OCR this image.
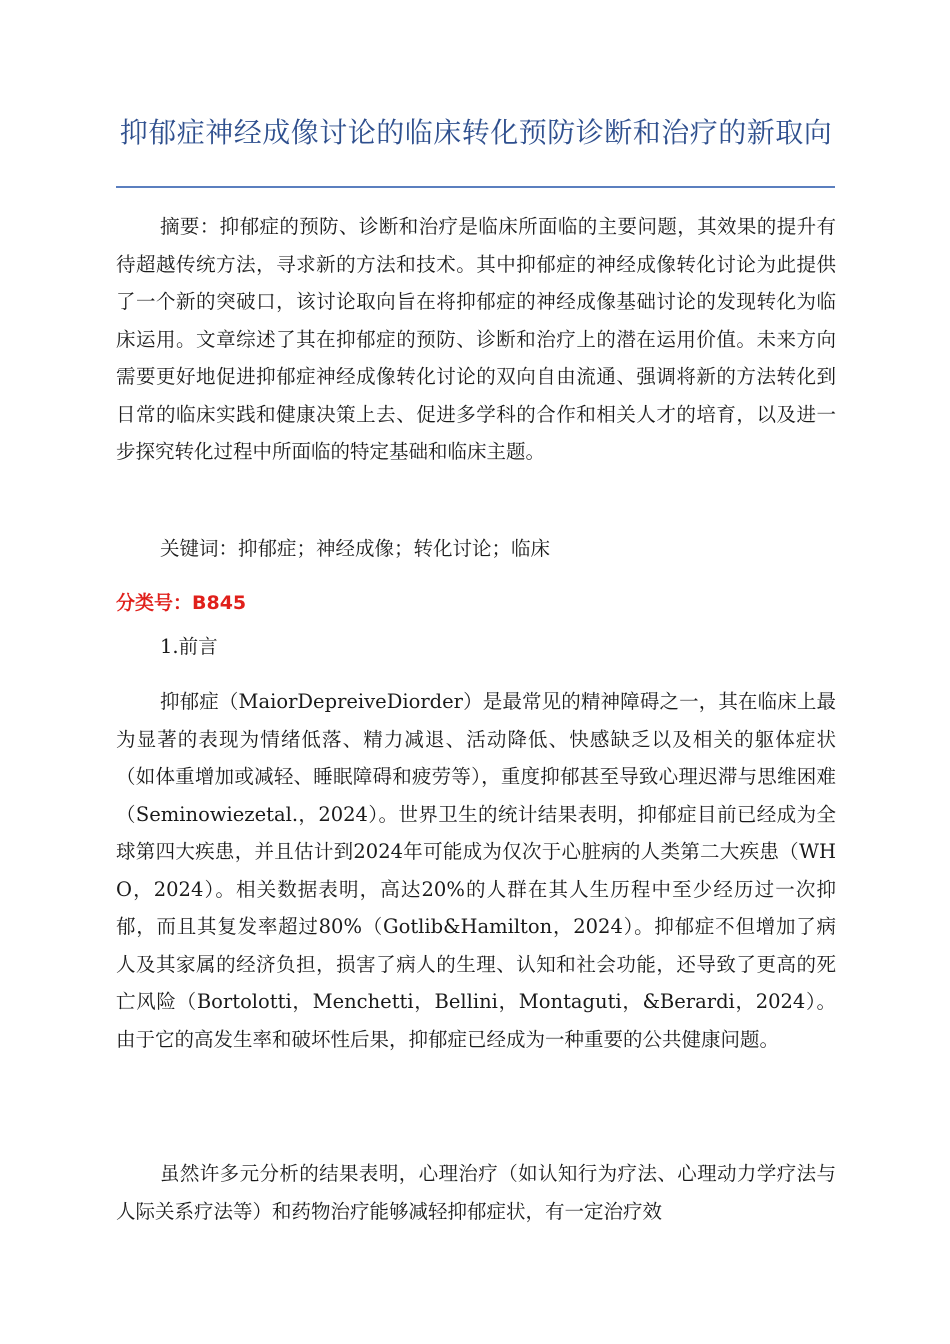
抑郁症神经成像讨论的临床转化预防诊断和治疗的新取向
摘要：抑郁症的预防、诊断和治疗是临床所面临的主要问题，其效果的提升有待超越传统方法，寻求新的方法和技术。其中抑郁症的神经成像转化讨论为此提供了一个新的突破口，该讨论取向旨在将抑郁症的神经成像基础讨论的发现转化为临床运用。文章综述了其在抑郁症的预防、诊断和治疗上的潜在运用价值。未来方向需要更好地促进抑郁症神经成像转化讨论的双向自由流通、强调将新的方法转化到日常的临床实践和健康决策上去、促进多学科的合作和相关人才的培育，以及进一步探究转化过程中所面临的特定基础和临床主题。
关键词：抑郁症；神经成像；转化讨论；临床
分类号：B845
1.前言
抑郁症（MaiorDepreiveDiorder）是最常见的精神障碍之一，其在临床上最为显著的表现为情绪低落、精力减退、活动降低、快感缺乏以及相关的躯体症状（如体重增加或减轻、睡眠障碍和疲劳等），重度抑郁甚至导致心理迟滞与思维困难（Seminowiezetal.，2024）。世界卫生的统计结果表明，抑郁症目前已经成为全球第四大疾患，并且估计到2024年可能成为仅次于心脏病的人类第二大疾患（WHO，2024）。相关数据表明，高达20%的人群在其人生历程中至少经历过一次抑郁，而且其复发率超过80%（Gotlib&Hamilton，2024）。抑郁症不但增加了病人及其家属的经济负担，损害了病人的生理、认知和社会功能，还导致了更高的死亡风险（Bortolotti，Menchetti，Bellini，Montaguti，&Berardi，2024）。由于它的高发生率和破坏性后果，抑郁症已经成为一种重要的公共健康问题。
虽然许多元分析的结果表明，心理治疗（如认知行为疗法、心理动力学疗法与人际关系疗法等）和药物治疗能够减轻抑郁症状，有一定治疗效
